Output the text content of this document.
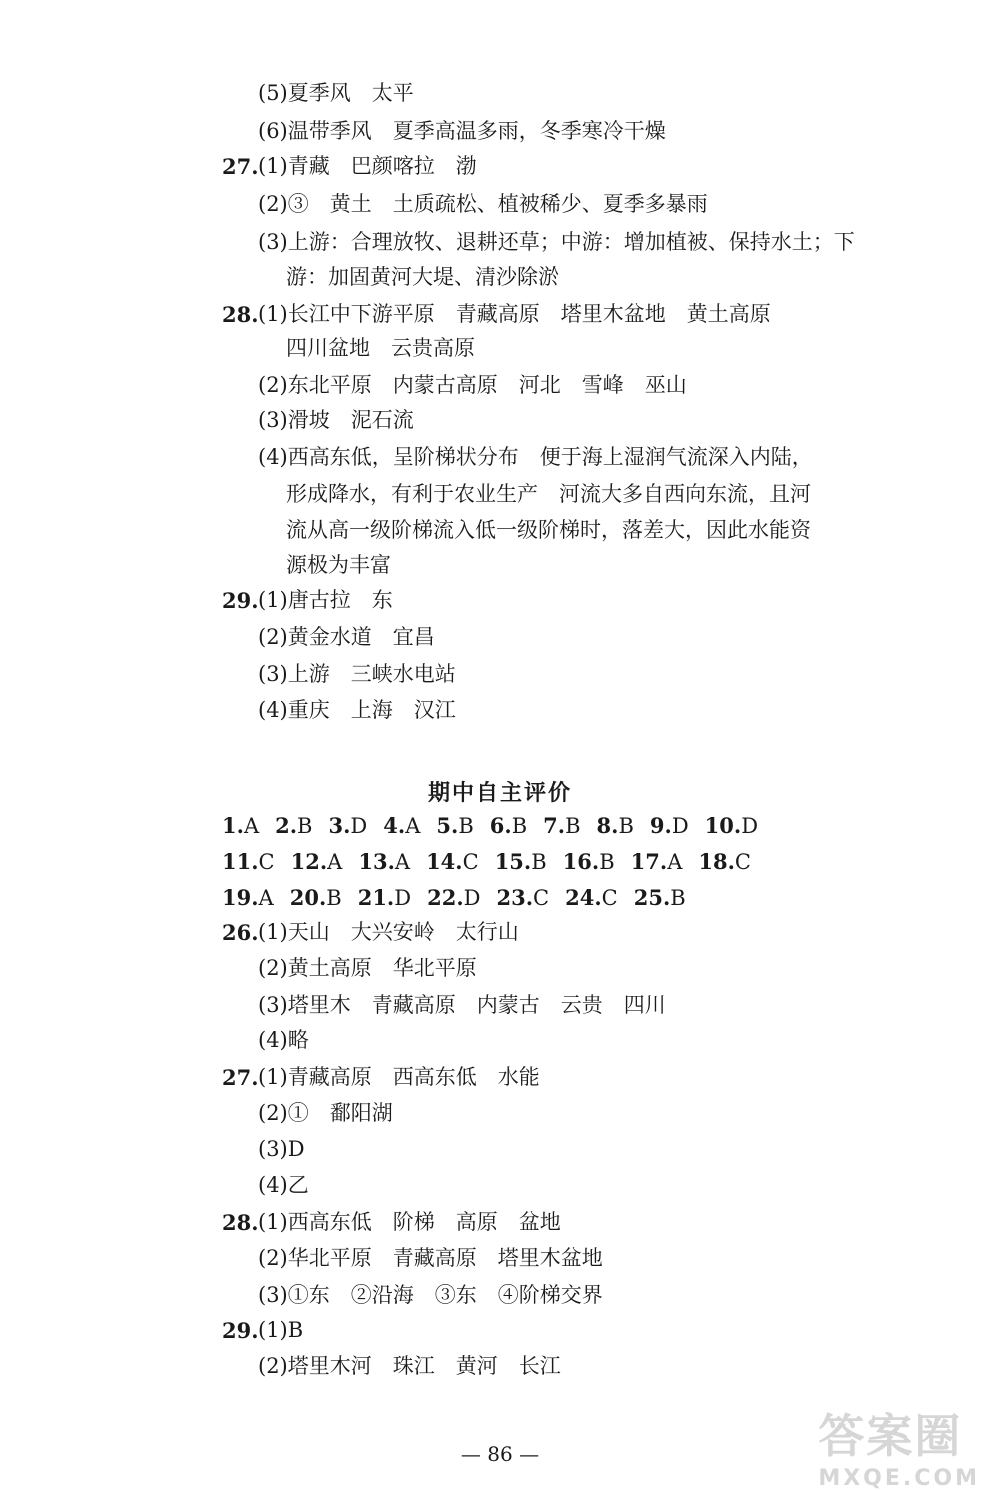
(5)夏季风　太平
(6)温带季风　夏季高温多雨，冬季寒冷干燥
27. (1)青藏　巴颜喀拉　渤
(2)③　黄土　土质疏松、植被稀少、夏季多暴雨
(3)上游：合理放牧、退耕还草；中游：增加植被、保持水土；下
游：加固黄河大堤、清沙除淤
28. (1)长江中下游平原　青藏高原　塔里木盆地　黄土高原
四川盆地　云贵高原
(2)东北平原　内蒙古高原　河北　雪峰　巫山
(3)滑坡　泥石流
(4)西高东低，呈阶梯状分布　便于海上湿润气流深入内陆，
形成降水，有利于农业生产　河流大多自西向东流，且河
流从高一级阶梯流入低一级阶梯时，落差大，因此水能资
源极为丰富
29. (1)唐古拉　东
(2)黄金水道　宜昌
(3)上游　三峡水电站
(4)重庆　上海　汉江
期中自主评价
1.A 2.B 3.D 4.A 5.B 6.B 7.B 8.B 9.D 10.D
11.C 12.A 13.A 14.C 15.B 16.B 17.A 18.C
19.A 20.B 21.D 22.D 23.C 24.C 25.B
26. (1)天山　大兴安岭　太行山
(2)黄土高原　华北平原
(3)塔里木　青藏高原　内蒙古　云贵　四川
(4)略
27. (1)青藏高原　西高东低　水能
(2)①　鄱阳湖
(3)D
(4)乙
28. (1)西高东低　阶梯　高原　盆地
(2)华北平原　青藏高原　塔里木盆地
(3)①东　②沿海　③东　④阶梯交界
29. (1)B
(2)塔里木河　珠江　黄河　长江
— 86 —	答案圈
MXQE.COM
